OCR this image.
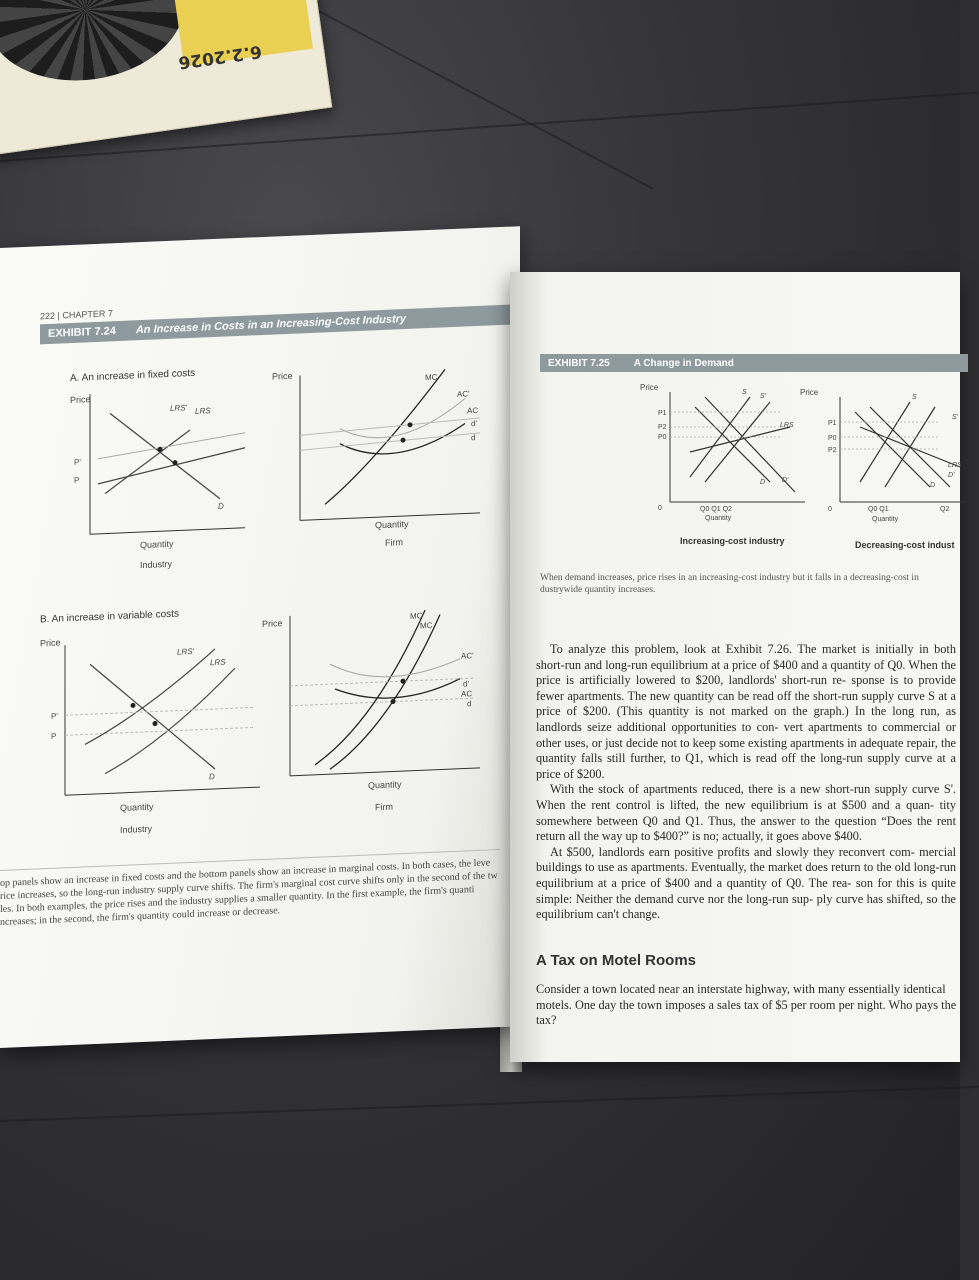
6.2.2026
222 | CHAPTER 7
EXHIBIT 7.24 An Increase in Costs in an Increasing-Cost Industry
A. An increase in fixed costs	Price
Price
LRS' LRS
D
P'
P
Quantity
Industry
MC
AC'
AC
d'
d
Quantity
Firm
B. An increase in variable costs
Price
Price
LRS'
LRS
D
P'
P
Quantity
Industry
MC'
MC
AC'
d'
AC
d
Quantity
Firm
op panels show an increase in fixed costs and the bottom panels show an increase in marginal costs. In both cases, the leve rice increases, so the long-run industry supply curve shifts. The firm's marginal cost curve shifts only in the second of the tw les. In both examples, the price rises and the industry supplies a smaller quantity. In the first example, the firm's quanti ncreases; in the second, the firm's quantity could increase or decrease.
EXHIBIT 7.25 A Change in Demand
Price
P1
P2
P0
S
S'
LRS
D D'
0	Q0 Q1 Q2
Quantity
Increasing-cost industry
Price
P1
P0
P2
S
S'
LRS
D'
D
0	Q0 Q1	Q2
Quantity
Decreasing-cost indust
When demand increases, price rises in an increasing-cost industry but it falls in a decreasing-cost in dustrywide quantity increases.

To analyze this problem, look at Exhibit 7.26. The market is initially in both short-run and long-run equilibrium at a price of $400 and a quantity of Q0. When the price is artificially lowered to $200, landlords' short-run re- sponse is to provide fewer apartments. The new quantity can be read off the short-run supply curve S at a price of $200. (This quantity is not marked on the graph.) In the long run, as landlords seize additional opportunities to con- vert apartments to commercial or other uses, or just decide not to keep some existing apartments in adequate repair, the quantity falls still further, to Q1, which is read off the long-run supply curve at a price of $200.

With the stock of apartments reduced, there is a new short-run supply curve S'. When the rent control is lifted, the new equilibrium is at $500 and a quan- tity somewhere between Q0 and Q1. Thus, the answer to the question “Does the rent return all the way up to $400?” is no; actually, it goes above $400.

At $500, landlords earn positive profits and slowly they reconvert com- mercial buildings to use as apartments. Eventually, the market does return to the old long-run equilibrium at a price of $400 and a quantity of Q0. The rea- son for this is quite simple: Neither the demand curve nor the long-run sup- ply curve has shifted, so the equilibrium can't change.

A Tax on Motel Rooms
Consider a town located near an interstate highway, with many essentially identical motels. One day the town imposes a sales tax of $5 per room per night. Who pays the tax?
